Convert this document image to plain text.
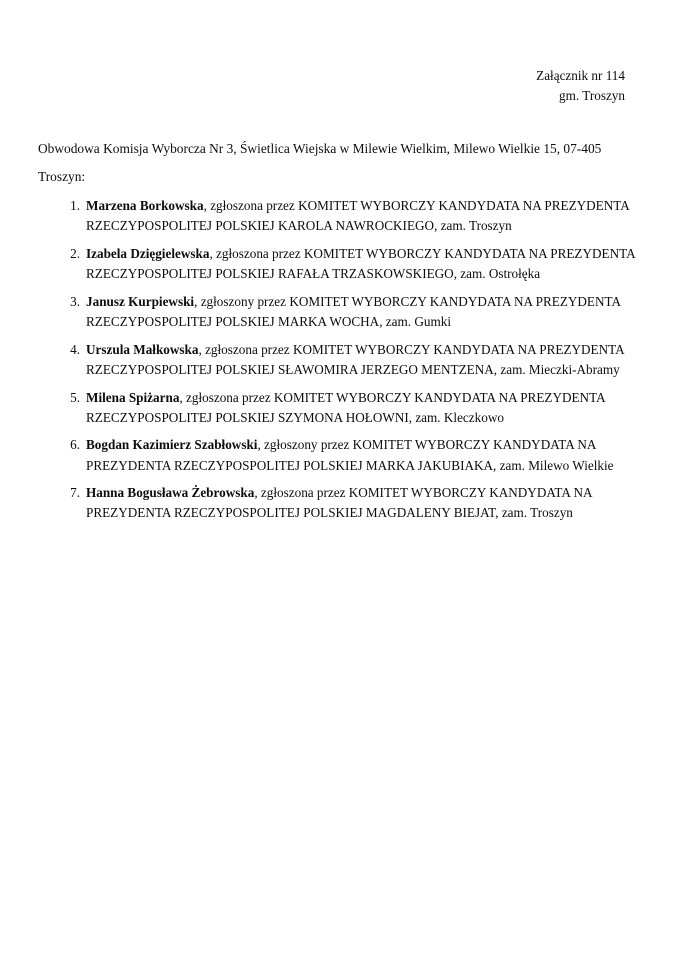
Załącznik nr 114
gm. Troszyn

Obwodowa Komisja Wyborcza Nr 3, Świetlica Wiejska w Milewie Wielkim, Milewo Wielkie 15, 07-405 Troszyn:

1. Marzena Borkowska, zgłoszona przez KOMITET WYBORCZY KANDYDATA NA PREZYDENTA RZECZYPOSPOLITEJ POLSKIEJ KAROLA NAWROCKIEGO, zam. Troszyn
2. Izabela Dzięgielewska, zgłoszona przez KOMITET WYBORCZY KANDYDATA NA PREZYDENTA RZECZYPOSPOLITEJ POLSKIEJ RAFAŁA TRZASKOWSKIEGO, zam. Ostrołęka
3. Janusz Kurpiewski, zgłoszony przez KOMITET WYBORCZY KANDYDATA NA PREZYDENTA RZECZYPOSPOLITEJ POLSKIEJ MARKA WOCHA, zam. Gumki
4. Urszula Małkowska, zgłoszona przez KOMITET WYBORCZY KANDYDATA NA PREZYDENTA RZECZYPOSPOLITEJ POLSKIEJ SŁAWOMIRA JERZEGO MENTZENA, zam. Mieczki-Abramy
5. Milena Spiżarna, zgłoszona przez KOMITET WYBORCZY KANDYDATA NA PREZYDENTA RZECZYPOSPOLITEJ POLSKIEJ SZYMONA HOŁOWNI, zam. Kleczkowo
6. Bogdan Kazimierz Szabłowski, zgłoszony przez KOMITET WYBORCZY KANDYDATA NA PREZYDENTA RZECZYPOSPOLITEJ POLSKIEJ MARKA JAKUBIAKA, zam. Milewo Wielkie
7. Hanna Bogusława Żebrowska, zgłoszona przez KOMITET WYBORCZY KANDYDATA NA PREZYDENTA RZECZYPOSPOLITEJ POLSKIEJ MAGDALENY BIEJAT, zam. Troszyn
